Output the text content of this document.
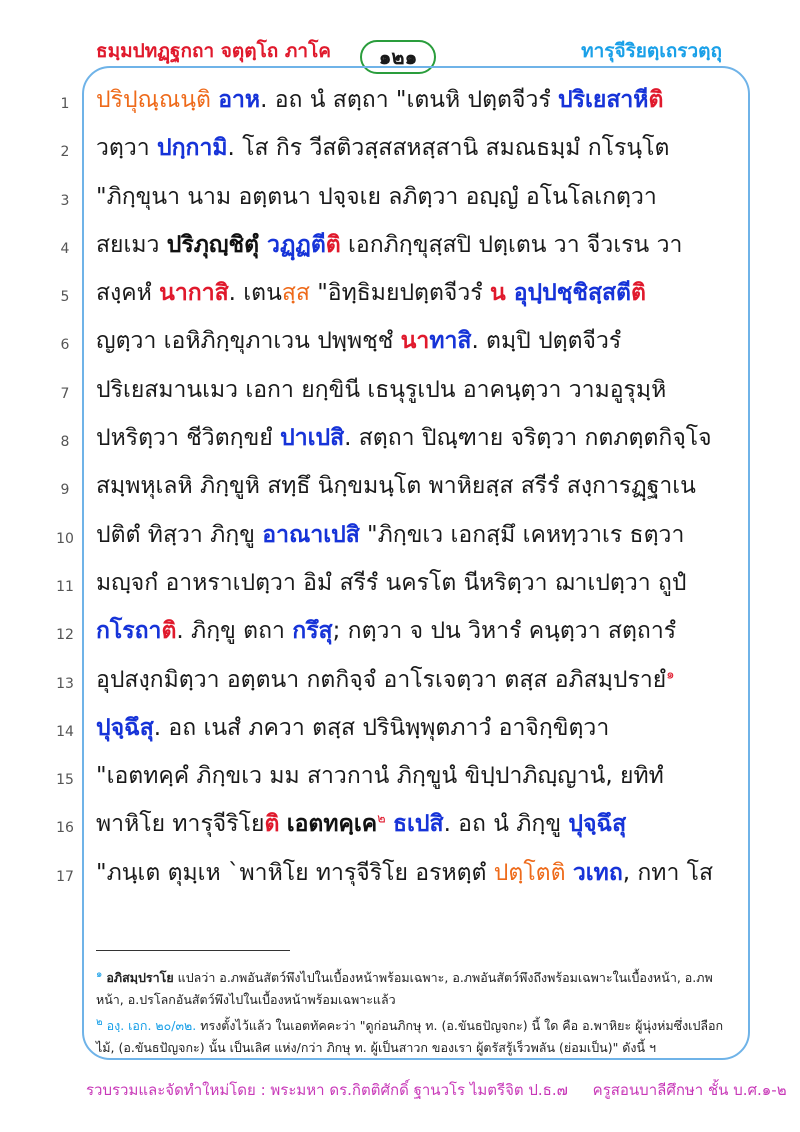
ธมฺมปทฏฺฐกถา จตุตฺโถ ภาโค	๑๒๑	ทารุจีริยตฺเถรวตฺถุ
1	ปริปุณฺณนฺติ อาห. อถ นํ สตฺถา "เตนหิ ปตฺตจีวรํ ปริเยสาหีติ
2	วตฺวา ปกฺกามิ. โส กิร วีสติวสฺสสหสฺสานิ สมณธมฺมํ กโรนฺโต
3	"ภิกฺขุนา นาม อตฺตนา ปจฺจเย ลภิตฺวา อญฺญํ อโนโลเกตฺวา
4	สยเมว ปริภุญฺชิตุํ วฏฺฏตีติ เอกภิกฺขุสฺสปิ ปตฺเตน วา จีวเรน วา
5	สงฺคหํ นากาสิ. เตนสฺส "อิทฺธิมยปตฺตจีวรํ น อุปฺปชฺชิสฺสตีติ
6	ญตฺวา เอหิภิกฺขุภาเวน ปพฺพชฺชํ นาทาสิ. ตมฺปิ ปตฺตจีวรํ
7	ปริเยสมานเมว เอกา ยกฺขินี เธนุรูเปน อาคนฺตฺวา วามอูรุมฺหิ
8	ปหริตฺวา ชีวิตกฺขยํ ปาเปสิ. สตฺถา ปิณฺฑาย จริตฺวา กตภตฺตกิจฺโจ
9	สมฺพหุเลหิ ภิกฺขูหิ สทฺธึ นิกฺขมนฺโต พาหิยสฺส สรีรํ สงฺการฏฺฐาเน
10 ปติตํ ทิสฺวา ภิกฺขู อาณาเปสิ "ภิกฺขเว เอกสฺมึ เคหทฺวาเร ธตฺวา
11 มญฺจกํ อาหราเปตฺวา อิมํ สรีรํ นครโต นีหริตฺวา ฌาเปตฺวา ถูปํ
12 กโรถาติ. ภิกฺขู ตถา กรึสุ; กตฺวา จ ปน วิหารํ คนฺตฺวา สตฺถารํ
13 อุปสงฺกมิตฺวา อตฺตนา กตกิจฺจํ อาโรเจตฺวา ตสฺส อภิสมฺปรายํ$^๑$
14 ปุจฺฉึสุ. อถ เนสํ ภควา ตสฺส ปรินิพฺพุตภาวํ อาจิกฺขิตฺวา
15 "เอตทคฺคํ ภิกฺขเว มม สาวกานํ ภิกฺขูนํ ขิปฺปาภิญฺญานํ, ยทิทํ
16 พาหิโย ทารุจีริโยติ เอตทคฺเค$^๒$ ธเปสิ. อถ นํ ภิกฺขู ปุจฺฉึสุ
17 "ภนฺเต ตุมฺเห `พาหิโย ทารุจีริโย อรหตฺตํ ปตฺโตติ วเทถ, กทา โส
$^๑$ อภิสมฺปราโย แปลว่า อ.ภพอันสัตว์พึงไปในเบื้องหน้าพร้อมเฉพาะ, อ.ภพอันสัตว์พึงถึงพร้อมเฉพาะในเบื้องหน้า, อ.ภพหน้า, อ.ปรโลกอันสัตว์พึงไปในเบื้องหน้าพร้อมเฉพาะแล้ว
$^๒$ องฺ. เอก. ๒๐/๓๒. ทรงตั้งไว้แล้ว ในเอตทัคคะว่า "ดูก่อนภิกษุ ท. (อ.ขันธปัญจกะ) นี้ ใด คือ อ.พาหิยะ ผู้นุ่งห่มซึ่งเปลือกไม้, (อ.ขันธปัญจกะ) นั้น เป็นเลิศ แห่ง/กว่า ภิกษุ ท. ผู้เป็นสาวก ของเรา ผู้ตรัสรู้เร็วพลัน (ย่อมเป็น)" ดังนี้ ฯ
รวบรวมและจัดทำใหม่โดย : พระมหา ดร.กิตติศักดิ์ ฐานวโร ไมตรีจิต ป.ธ.๗ ครูสอนบาลีศึกษา ชั้น บ.ศ.๑-๒
